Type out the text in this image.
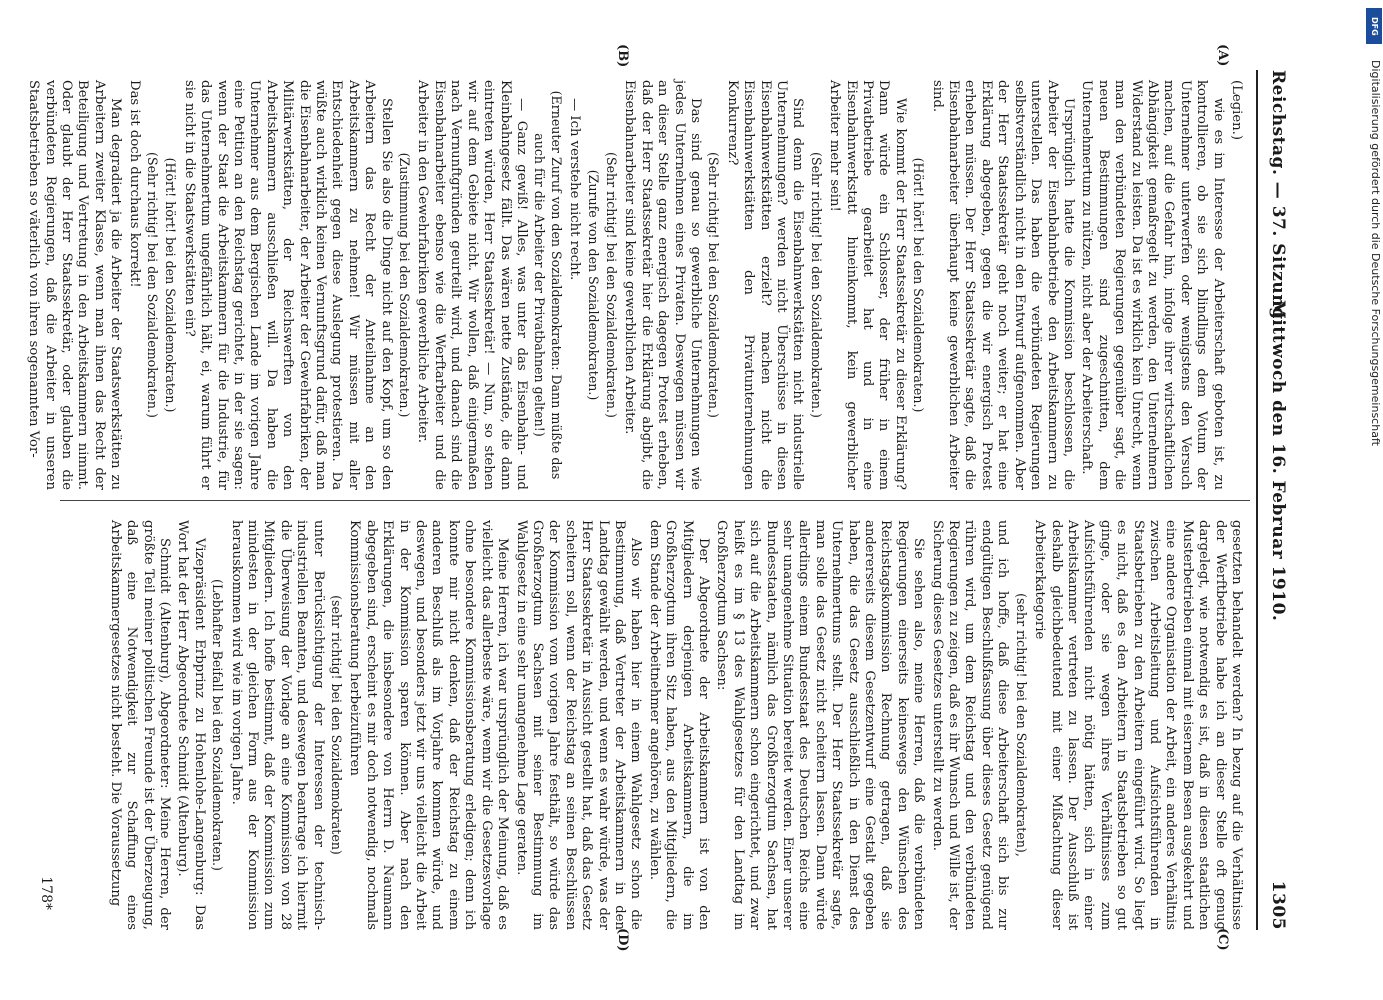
Reichstag. — 37. Sitzung.
Mittwoch den 16. Februar 1910.
1305
(A)
(B)
(C)
(D)

(Legien.)

wie es im Interesse der Arbeiterschaft geboten ist, zu kontrollieren, ob sie sich blindlings dem Votum der Unternehmer unterwerfen oder wenigstens den Versuch machen, auf die Gefahr hin, infolge ihrer wirtschaftlichen Abhängigkeit gemaßregelt zu werden, den Unternehmern Widerstand zu leisten. Da ist es wirklich kein Unrecht, wenn man den verbündeten Regierungen gegenüber sagt, die neuen Bestimmungen sind zugeschnitten, dem Unternehmertum zu nützen, nicht aber der Arbeiterschaft.

Ursprünglich hatte die Kommission beschlossen, die Arbeiter der Eisenbahnbetriebe den Arbeitskammern zu unterstellen. Das haben die verbündeten Regierungen selbstverständlich nicht in den Entwurf aufgenommen. Aber der Herr Staatssekretär geht noch weiter; er hat eine Erklärung abgegeben, gegen die wir energisch Protest erheben müssen. Der Herr Staatssekretär sagte, daß die Eisenbahnarbeiter überhaupt keine gewerblichen Arbeiter sind.

(Hört! hört! bei den Sozialdemokraten.)

Wie kommt der Herr Staatssekretär zu dieser Erklärung? Dann würde ein Schlosser, der früher in einem Privatbetriebe gearbeitet hat und in eine Eisenbahnwerkstatt hineinkommt, kein gewerblicher Arbeiter mehr sein!

(Sehr richtig! bei den Sozialdemokraten.)

Sind denn die Eisenbahnwerkstätten nicht industrielle Unternehmungen? werden nicht Überschüsse in diesen Eisenbahnwerkstätten erzielt? machen nicht die Eisenbahnwerkstätten den Privatunternehmungen Konkurrenz?

(Sehr richtig! bei den Sozialdemokraten.)

Das sind genau so gewerbliche Unternehmungen wie jedes Unternehmen eines Privaten. Deswegen müssen wir an dieser Stelle ganz energisch dagegen Protest erheben, daß der Herr Staatssekretär hier die Erklärung abgibt, die Eisenbahnarbeiter sind keine gewerblichen Arbeiter.

(Sehr richtig! bei den Sozialdemokraten.)

(Zurufe von den Sozialdemokraten.)

— Ich verstehe nicht recht.

(Erneuter Zuruf von den Sozialdemokraten: Dann müßte das auch für die Arbeiter der Privatbahnen gelten!)

— Ganz gewiß! Alles, was unter das Eisenbahn- und Kleinbahngesetz fällt. Das wären nette Zustände, die dann eintreten würden, Herr Staatssekretär! — Nun, so stehen wir auf dem Gebiete nicht. Wir wollen, daß einigermaßen nach Vernunftgründen geurteilt wird, und danach sind die Eisenbahnarbeiter ebenso wie die Werftarbeiter und die Arbeiter in den Gewehrfabriken gewerbliche Arbeiter.

(Zustimmung bei den Sozialdemokraten.)

Stellen Sie also die Dinge nicht auf den Kopf, um so den Arbeitern das Recht der Anteilnahme an den Arbeitskammern zu nehmen! Wir müssen mit aller Entschiedenheit gegen diese Auslegung protestieren. Da wüßte auch wirklich keinen Vernunftsgrund dafür, daß man die Eisenbahnarbeiter, der Arbeiter der Gewehrfabriken, der Militärwerkstätten, der Reichswerften von den Arbeitskammern ausschließen will. Da haben die Unternehmer aus dem Bergischen Lande im vorigen Jahre eine Petition an den Reichstag gerichtet, in der sie sagen: wenn der Staat die Arbeitskammern für die Industrie, für das Unternehmertum ungefährlich hält, ei, warum führt er sie nicht in die Staatswerkstätten ein?

(Hört! hört! bei den Sozialdemokraten.)

(Sehr richtig! bei den Sozialdemokraten.)

Das ist doch durchaus korrekt!

Man degradiert ja die Arbeiter der Staatswerkstätten zu Arbeitern zweiter Klasse, wenn man ihnen das Recht der Beteiligung und Vertretung in den Arbeitskammern nimmt. Oder glaubt der Herr Staatssekretär, oder glauben die verbündeten Regierungen, daß die Arbeiter in unseren Staatsbetrieben so väterlich von ihren sogenannten Vor-

gesetzten behandelt werden? In bezug auf die Verhältnisse der Werftbetriebe habe ich an dieser Stelle oft genug dargelegt, wie notwendig es ist, daß in diesen staatlichen Musterbetrieben einmal mit eisernem Besen ausgekehrt und eine andere Organisation der Arbeit, ein anderes Verhältnis zwischen Arbeitsleitung und Aufsichtsführenden in Staatsbetrieben zu den Arbeitern eingeführt wird. So liegt es nicht, daß es den Arbeitern in Staatsbetrieben so gut ginge, oder sie wegen ihres Verhältnisses zum Aufsichtsführenden nicht nötig hätten, sich in einer Arbeitskammer vertreten zu lassen. Der Ausschluß ist deshalb gleichbedeutend mit einer Mißachtung dieser Arbeiterkategorie

(sehr richtig! bei den Sozialdemokraten),

und ich hoffe, daß diese Arbeiterschaft sich bis zur endgültigen Beschlußfassung über dieses Gesetz genügend rühren wird, um dem Reichstag und den verbündeten Regierungen zu zeigen, daß es ihr Wunsch und Wille ist, der Sicherung dieses Gesetzes unterstellt zu werden.

Sie sehen also, meine Herren, daß die verbündeten Regierungen einerseits keineswegs den Wünschen des Reichstagskommission Rechnung getragen, daß sie andererseits diesem Gesetzentwurf eine Gestalt gegeben haben, die das Gesetz ausschließlich in den Dienst des Unternehmertums stellt. Der Herr Staatssekretär sagte, man solle das Gesetz nicht scheitern lassen. Dann würde allerdings einem Bundesstaat des Deutschen Reichs eine sehr unangenehme Situation bereitet werden. Einer unserer Bundesstaaten, nämlich das Großherzogtum Sachsen, hat sich auf die Arbeitskammern schon eingerichtet, und zwar heißt es im § 13 des Wahlgesetzes für den Landtag im Großherzogtum Sachsen:

Der Abgeordnete der Arbeitskammern ist von den Mitgliedern derjenigen Arbeitskammern, die im Großherzogtum ihren Sitz haben, aus den Mitgliedern, die dem Stande der Arbeitnehmer angehören, zu wählen.

Also wir haben hier in einem Wahlgesetz schon die Bestimmung, daß Vertreter der Arbeitskammern in den Landtag gewählt werden, und wenn es wahr würde, was der Herr Staatssekretär in Aussicht gestellt hat, daß das Gesetz scheitern soll, wenn der Reichstag an seinen Beschlüssen der Kommission vom vorigen Jahre festhält, so würde das Großherzogtum Sachsen mit seiner Bestimmung im Wahlgesetz in eine sehr unangenehme Lage geraten.

Meine Herren, ich war ursprünglich der Meinung, daß es vielleicht das allerbeste wäre, wenn wir die Gesetzesvorlage ohne besondere Kommissionsberatung erledigen; denn ich konnte mir nicht denken, daß der Reichstag zu einem anderen Beschluß als im Vorjahre kommen würde, und deswegen, und besonders jetzt wir uns vielleicht die Arbeit in der Kommission sparen können. Aber nach den Erklärungen, die insbesondere von Herrn D. Naumann abgegeben sind, erscheint es mir doch notwendig, nochmals Kommissionsberatung herbeizuführen

(sehr richtig! bei den Sozialdemokraten)

unter Berücksichtigung der Interessen der technisch-industriellen Beamten, und deswegen beantrage ich hiermit die Überweisung der Vorlage an eine Kommission von 28 Mitgliedern. Ich hoffe bestimmt, daß der Kommission zum mindesten in der gleichen Form aus der Kommission herauskommen wird wie im vorigen Jahre.

(Lebhafter Beifall bei den Sozialdemokraten.)

Vizepräsident Erbprinz zu Hohenlohe-Langenburg: Das Wort hat der Herr Abgeordnete Schmidt (Altenburg).

Schmidt (Altenburg), Abgeordneter: Meine Herren, der größte Teil meiner politischen Freunde ist der Überzeugung, daß eine Notwendigkeit zur Schaffung eines Arbeitskammergesetzes nicht besteht. Die Voraussetzung

178*
DFG
Digitalisierung gefördert durch die Deutsche Forschungsgemeinschaft
